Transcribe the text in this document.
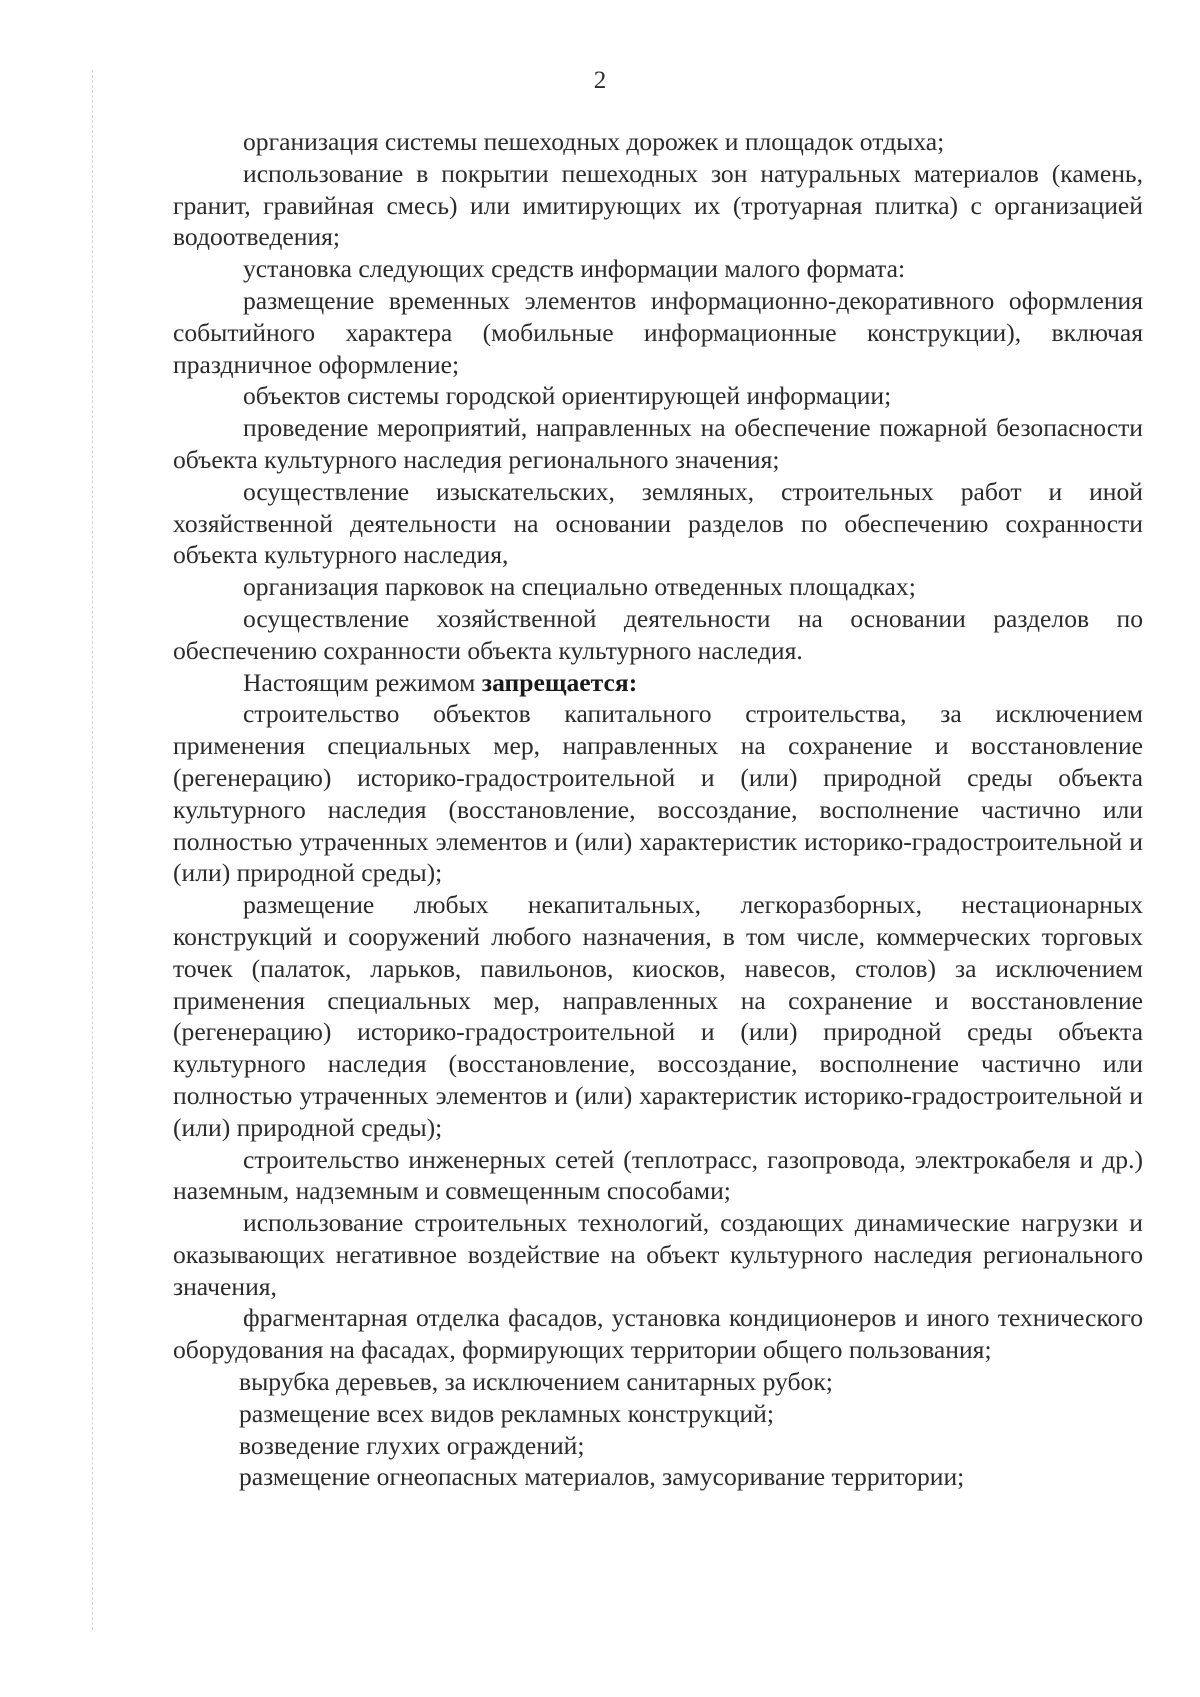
2

организация системы пешеходных дорожек и площадок отдыха;

использование в покрытии пешеходных зон натуральных материалов (камень, гранит, гравийная смесь) или имитирующих их (тротуарная плитка) с организацией водоотведения;

установка следующих средств информации малого формата:

размещение временных элементов информационно-декоративного оформления событийного характера (мобильные информационные конструкции), включая праздничное оформление;

объектов системы городской ориентирующей информации;

проведение мероприятий, направленных на обеспечение пожарной безопасности объекта культурного наследия регионального значения;

осуществление изыскательских, земляных, строительных работ и иной хозяйственной деятельности на основании разделов по обеспечению сохранности объекта культурного наследия,

организация парковок на специально отведенных площадках;

осуществление хозяйственной деятельности на основании разделов по обеспечению сохранности объекта культурного наследия.

Настоящим режимом запрещается:

строительство объектов капитального строительства, за исключением применения специальных мер, направленных на сохранение и восстановление (регенерацию) историко-градостроительной и (или) природной среды объекта культурного наследия (восстановление, воссоздание, восполнение частично или полностью утраченных элементов и (или) характеристик историко-градостроительной и (или) природной среды);

размещение любых некапитальных, легкоразборных, нестационарных конструкций и сооружений любого назначения, в том числе, коммерческих торговых точек (палаток, ларьков, павильонов, киосков, навесов, столов) за исключением применения специальных мер, направленных на сохранение и восстановление (регенерацию) историко-градостроительной и (или) природной среды объекта культурного наследия (восстановление, воссоздание, восполнение частично или полностью утраченных элементов и (или) характеристик историко-градостроительной и (или) природной среды);

строительство инженерных сетей (теплотрасс, газопровода, электрокабеля и др.) наземным, надземным и совмещенным способами;

использование строительных технологий, создающих динамические нагрузки и оказывающих негативное воздействие на объект культурного наследия регионального значения,

фрагментарная отделка фасадов, установка кондиционеров и иного технического оборудования на фасадах, формирующих территории общего пользования;

вырубка деревьев, за исключением санитарных рубок;

размещение всех видов рекламных конструкций;

возведение глухих ограждений;

размещение огнеопасных материалов, замусоривание территории;
